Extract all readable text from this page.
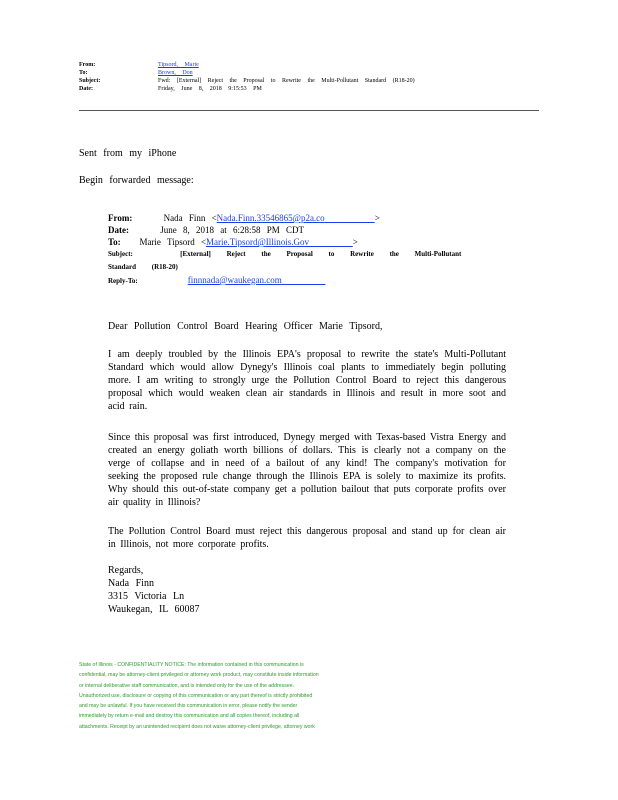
From:	Tipsord, Marie
To:	Brown, Don
Subject:	Fwd: [External] Reject the Proposal to Rewrite the Multi-Pollutant Standard (R18-20)
Date:	Friday, June 8, 2018 9:15:53 PM
Sent from my iPhone
Begin forwarded message:
From:	Nada Finn <Nada.Finn.33546865@p2a.co	>
Date:	June 8, 2018 at 6:28:58 PM CDT
To: Marie Tipsord <Marie.Tipsord@Illinois.Gov	>
Subject:	[External] Reject the Proposal to Rewrite the Multi-Pollutant
Standard (R18-20)
Reply-To:	finnnada@waukegan.com
Dear Pollution Control Board Hearing Officer Marie Tipsord,
I am deeply troubled by the Illinois EPA's proposal to rewrite the state's Multi-Pollutant Standard which would allow Dynegy's Illinois coal plants to immediately begin polluting more. I am writing to strongly urge the Pollution Control Board to reject this dangerous proposal which would weaken clean air standards in Illinois and result in more soot and acid rain.
Since this proposal was first introduced, Dynegy merged with Texas-based Vistra Energy and created an energy goliath worth billions of dollars. This is clearly not a company on the verge of collapse and in need of a bailout of any kind! The company's motivation for seeking the proposed rule change through the Illinois EPA is solely to maximize its profits. Why should this out-of-state company get a pollution bailout that puts corporate profits over air quality in Illinois?
The Pollution Control Board must reject this dangerous proposal and stand up for clean air in Illinois, not more corporate profits.
Regards,
Nada Finn
3315 Victoria Ln
Waukegan, IL 60087
State of Illinois - CONFIDENTIALITY NOTICE: The information contained in this communication is
confidential, may be attorney-client privileged or attorney work product, may constitute inside information
or internal deliberative staff communication, and is intended only for the use of the addressee.
Unauthorized use, disclosure or copying of this communication or any part thereof is strictly prohibited
and may be unlawful. If you have received this communication in error, please notify the sender
immediately by return e-mail and destroy this communication and all copies thereof, including all
attachments. Receipt by an unintended recipient does not waive attorney-client privilege, attorney work
